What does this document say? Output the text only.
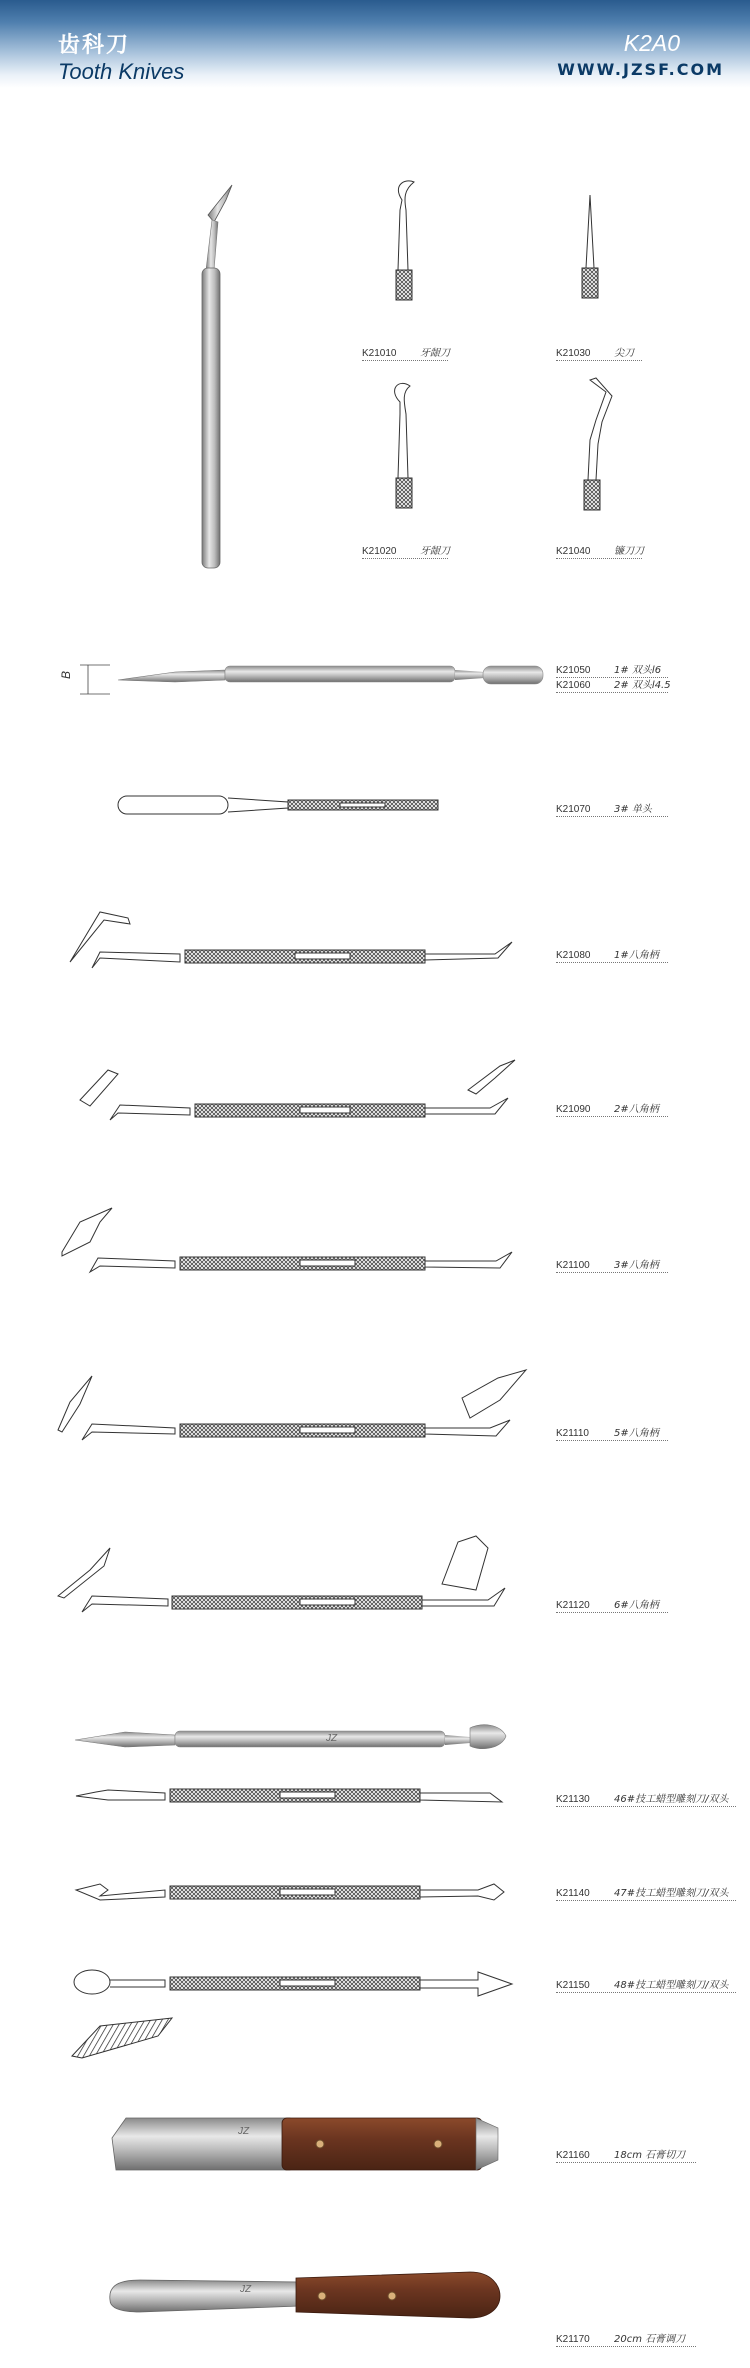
齿科刀
Tooth Knives
K2A0
WWW.JZSF.COM
JZ
JZ
JZ
B
K21010 牙龈刀	K21030 尖刀
K21020 牙龈刀	K21040 镰刀刀
K21050 1# 双头l6
K21060 2# 双头l4.5
K21070 3# 单头
K21080 1#八角柄
K21090 2#八角柄
K21100 3#八角柄
K21110	5#八角柄
K21120 6#八角柄
K21130 46#技工蜡型雕刻刀/双头
K21140 47#技工蜡型雕刻刀/双头
K21150 48#技工蜡型雕刻刀/双头
K21160 18cm 石膏切刀
K21170 20cm 石膏调刀
